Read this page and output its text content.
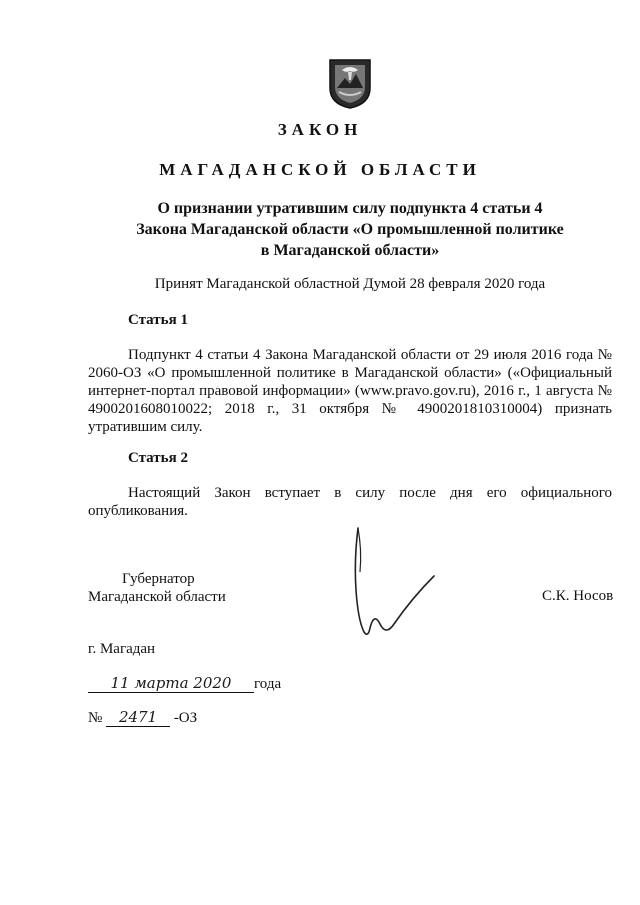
ЗАКОН
МАГАДАНСКОЙ ОБЛАСТИ
О признании утратившим силу подпункта 4 статьи 4
Закона Магаданской области «О промышленной политике
в Магаданской области»
Принят Магаданской областной Думой 28 февраля 2020 года
Статья 1
Подпункт 4 статьи 4 Закона Магаданской области от 29 июля 2016 года № 2060-ОЗ «О промышленной политике в Магаданской области» («Официальный интернет-портал правовой информации» (www.pravo.gov.ru), 2016 г., 1 августа № 4900201608010022; 2018 г., 31 октября № 4900201810310004) признать утратившим силу.
Статья 2
Настоящий Закон вступает в силу после дня его официального опубликования.
Губернатор
Магаданской области	С.К. Носов
г. Магадан
11 марта 2020 года
№ 2471 -ОЗ
